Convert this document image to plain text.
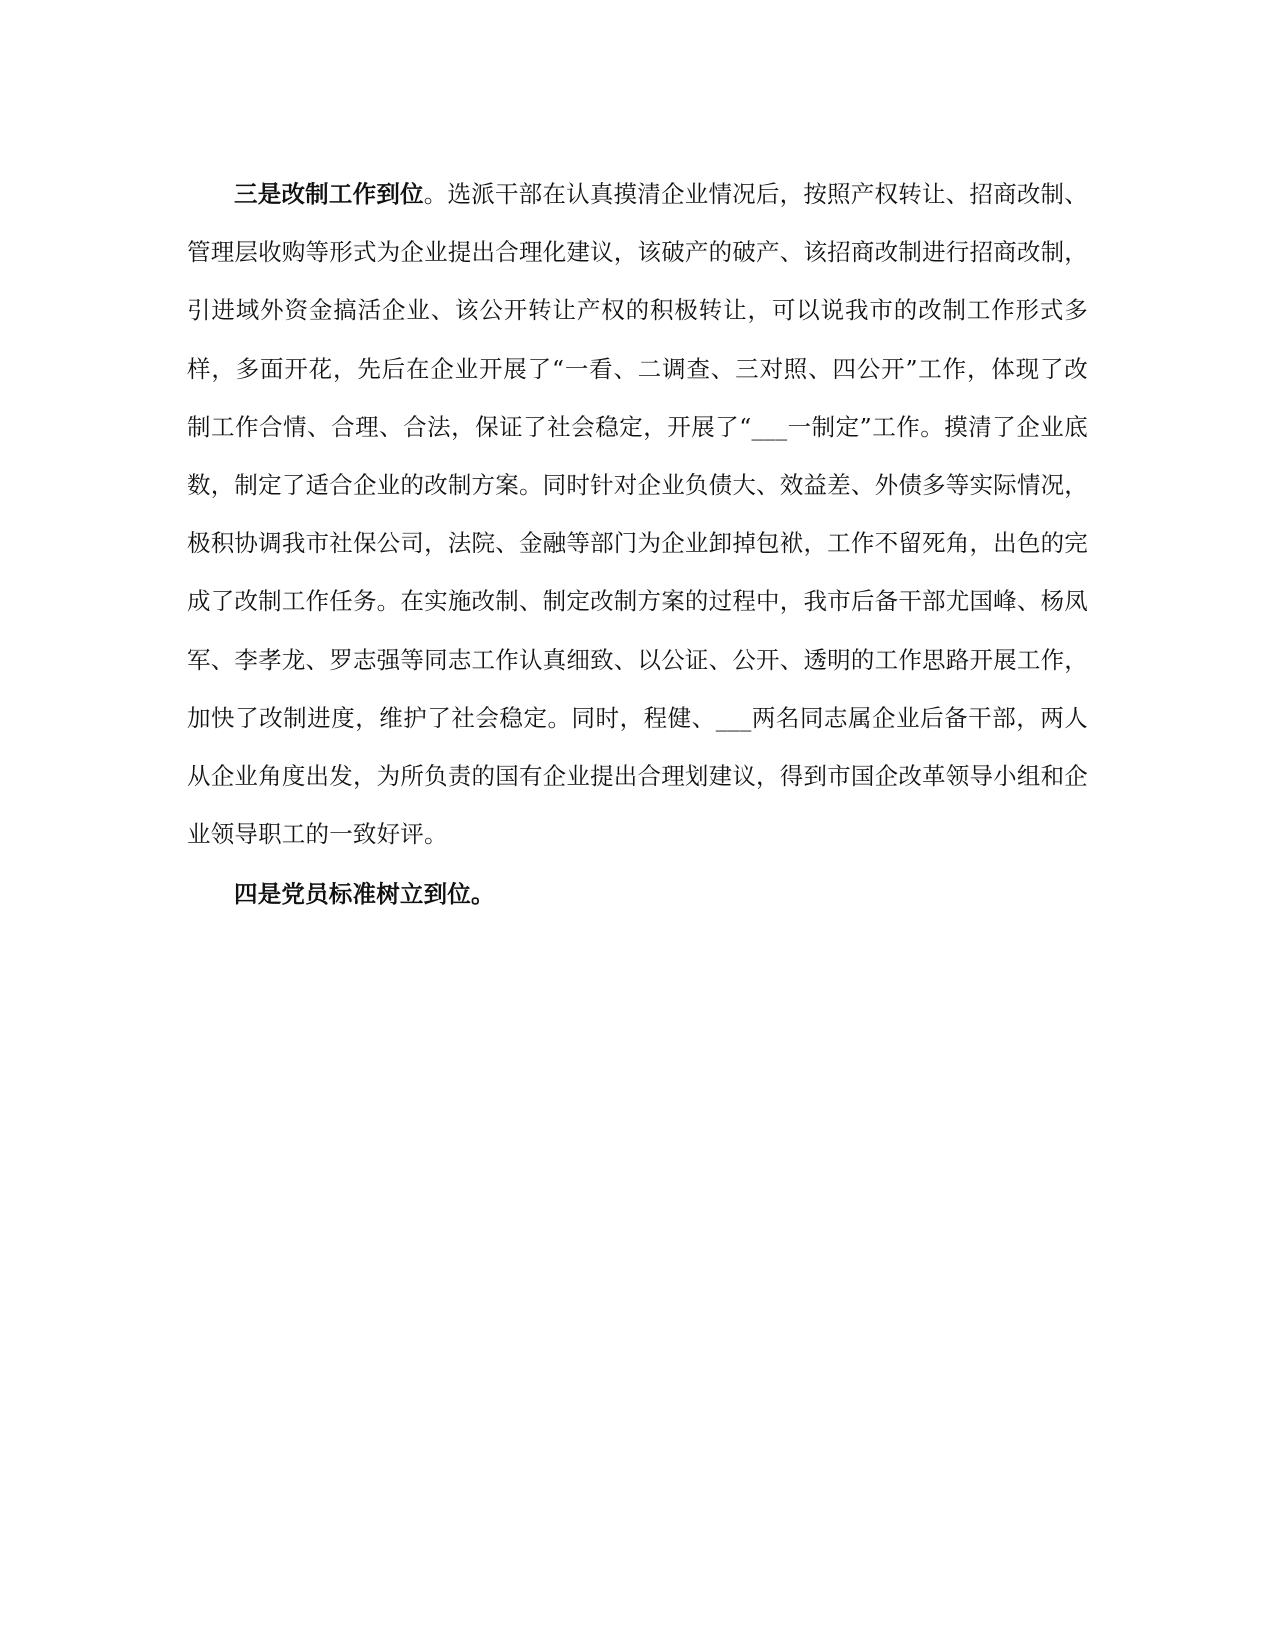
三是改制工作到位。选派干部在认真摸清企业情况后，按照产权转让、招商改制、管理层收购等形式为企业提出合理化建议，该破产的破产、该招商改制进行招商改制，引进域外资金搞活企业、该公开转让产权的积极转让，可以说我市的改制工作形式多样，多面开花，先后在企业开展了“一看、二调查、三对照、四公开”工作，体现了改制工作合情、合理、合法，保证了社会稳定，开展了“___一制定”工作。摸清了企业底数，制定了适合企业的改制方案。同时针对企业负债大、效益差、外债多等实际情况，极积协调我市社保公司，法院、金融等部门为企业卸掉包袱，工作不留死角，出色的完成了改制工作任务。在实施改制、制定改制方案的过程中，我市后备干部尤国峰、杨凤军、李孝龙、罗志强等同志工作认真细致、以公证、公开、透明的工作思路开展工作，加快了改制进度，维护了社会稳定。同时，程健、___两名同志属企业后备干部，两人从企业角度出发，为所负责的国有企业提出合理划建议，得到市国企改革领导小组和企业领导职工的一致好评。

四是党员标准树立到位。
